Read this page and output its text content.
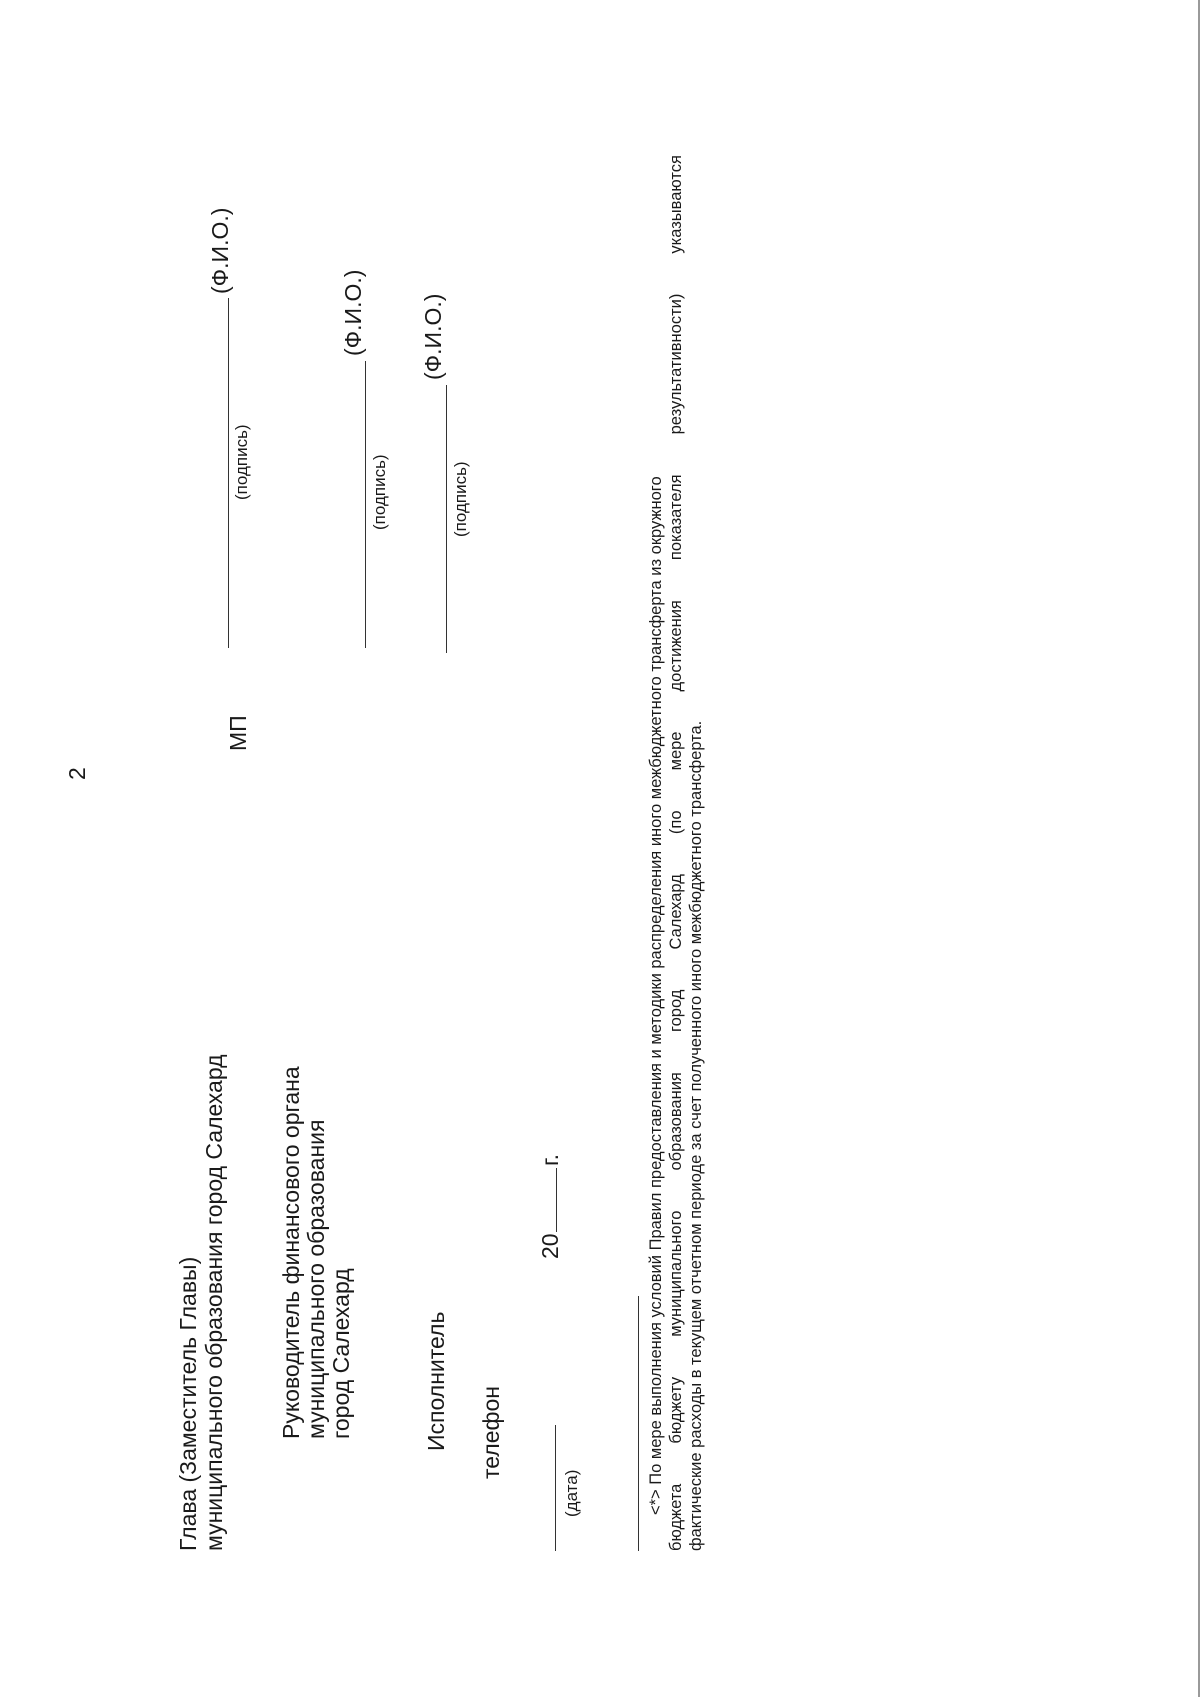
2
Глава (Заместитель Главы) муниципального образования город Салехард
МП
(подпись)
(Ф.И.О.)
Руководитель финансового органа муниципального образования город Салехард
(подпись)
(Ф.И.О.)
Исполнитель
(подпись)
(Ф.И.О.)
телефон
(дата)
20
г.	<*> По мере выполнения условий Правил предоставления и методики распределения иного межбюджетного трансферта из окружного бюджета бюджету муниципального образования город Салехард (по мере достижения показателя результативности) указываются фактические расходы в текущем отчетном периоде за счет полученного иного межбюджетного трансферта.
